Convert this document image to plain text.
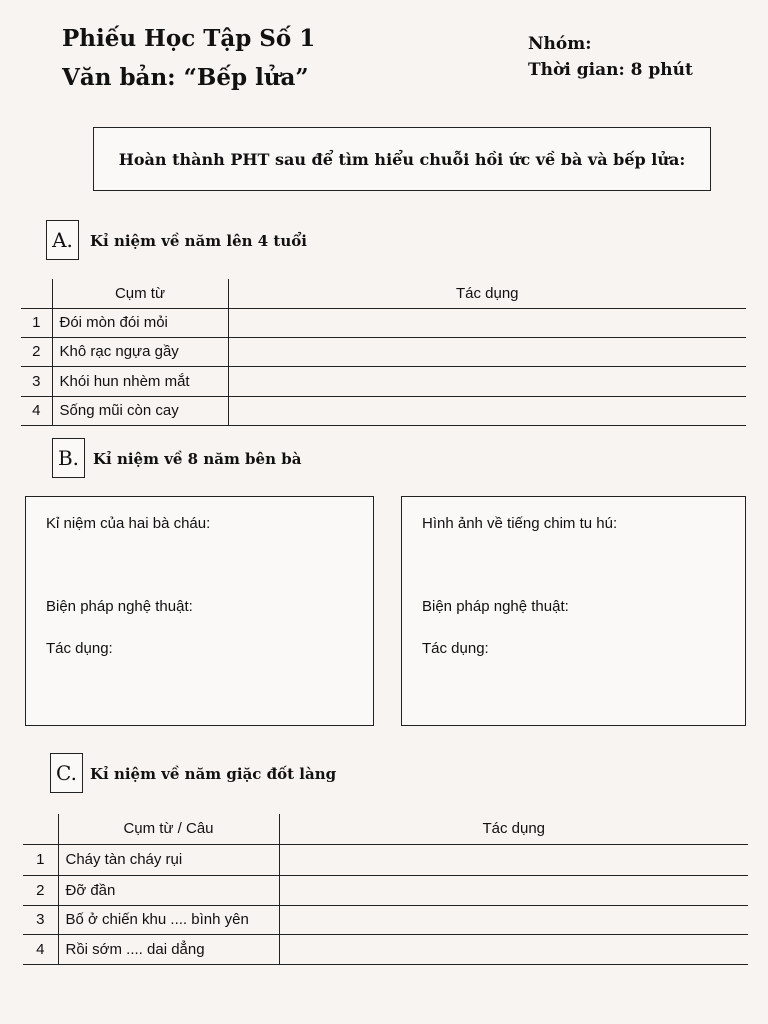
Phiếu Học Tập Số 1
Văn bản: “Bếp lửa”
Nhóm:
Thời gian: 8 phút
Hoàn thành PHT sau để tìm hiểu chuỗi hồi ức về bà và bếp lửa:
A.	Kỉ niệm về năm lên 4 tuổi
	Cụm từ	Tác dụng
1	Đói mòn đói mỏi	
2	Khô rạc ngựa gầy	
3	Khói hun nhèm mắt	
4	Sống mũi còn cay	
B. Kỉ niệm về 8 năm bên bà
Kỉ niệm của hai bà cháu:
Biện pháp nghệ thuật:
Tác dụng:
Hình ảnh về tiếng chim tu hú:
Biện pháp nghệ thuật:
Tác dụng:
C. Kỉ niệm về năm giặc đốt làng
	Cụm từ / Câu	Tác dụng
1	Cháy tàn cháy rụi	
2	Đỡ đần	
3	Bố ở chiến khu .... bình yên	
4	Rồi sớm .... dai dẳng	
